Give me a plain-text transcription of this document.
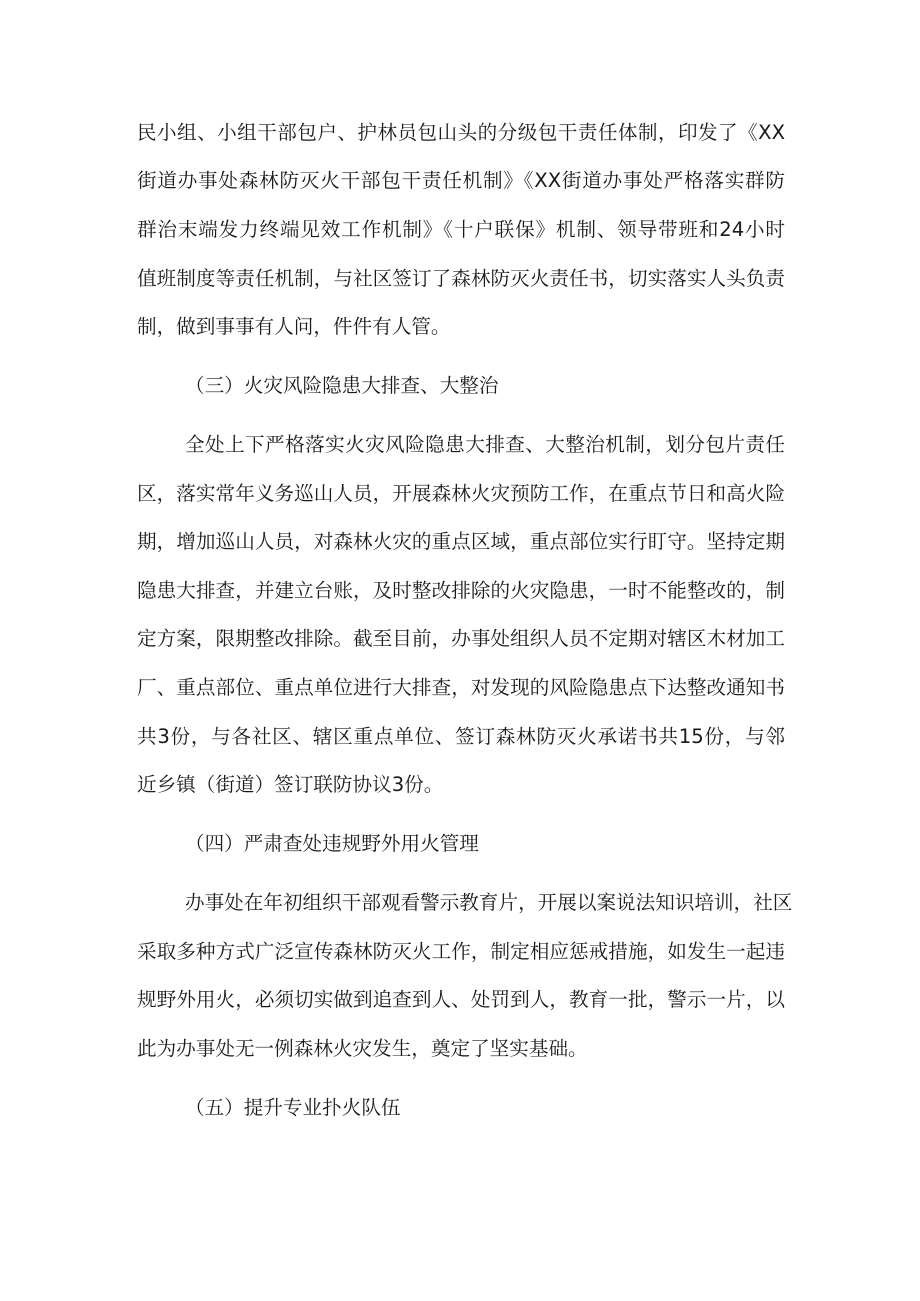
民小组、小组干部包户、护林员包山头的分级包干责任体制，印发了《XX
街道办事处森林防灭火干部包干责任机制》《XX街道办事处严格落实群防
群治末端发力终端见效工作机制》《十户联保》机制、领导带班和24小时
值班制度等责任机制，与社区签订了森林防灭火责任书，切实落实人头负责
制，做到事事有人问，件件有人管。
（三）火灾风险隐患大排查、大整治
全处上下严格落实火灾风险隐患大排查、大整治机制，划分包片责任
区，落实常年义务巡山人员，开展森林火灾预防工作，在重点节日和高火险
期，增加巡山人员，对森林火灾的重点区域，重点部位实行盯守。坚持定期
隐患大排查，并建立台账，及时整改排除的火灾隐患，一时不能整改的，制
定方案，限期整改排除。截至目前，办事处组织人员不定期对辖区木材加工
厂、重点部位、重点单位进行大排查，对发现的风险隐患点下达整改通知书
共3份，与各社区、辖区重点单位、签订森林防灭火承诺书共15份，与邻
近乡镇（街道）签订联防协议3份。
（四）严肃查处违规野外用火管理
办事处在年初组织干部观看警示教育片，开展以案说法知识培训，社区
采取多种方式广泛宣传森林防灭火工作，制定相应惩戒措施，如发生一起违
规野外用火，必须切实做到追查到人、处罚到人，教育一批，警示一片，以
此为办事处无一例森林火灾发生，奠定了坚实基础。
（五）提升专业扑火队伍
